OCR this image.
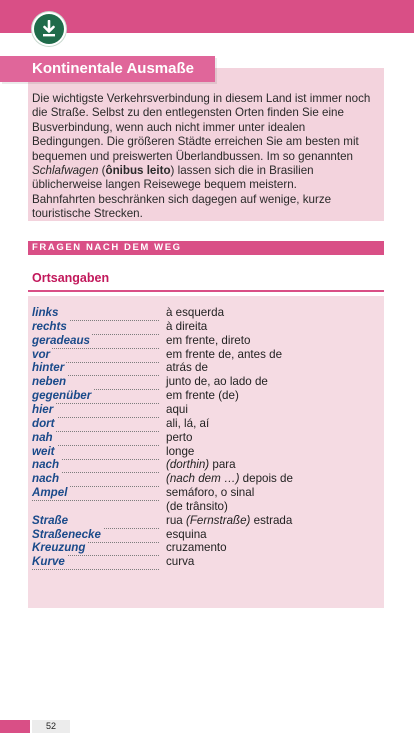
Kontinentale Ausmaße
Die wichtigste Verkehrsverbindung in diesem Land ist immer noch die Straße. Selbst zu den entlegensten Orten finden Sie eine Busverbindung, wenn auch nicht immer unter idealen Bedingungen. Die größeren Städte erreichen Sie am besten mit bequemen und preiswerten Überlandbussen. Im so genannten Schlafwagen (ônibus leito) lassen sich die in Brasilien üblicherweise langen Reisewege bequem meistern.
Bahnfahrten beschränken sich dagegen auf wenige, kurze touristische Strecken.
FRAGEN NACH DEM WEG
Ortsangaben
links	à esquerda
rechts	à direita
geradeaus	em frente, direto
vor	em frente de, antes de
hinter	atrás de
neben	junto de, ao lado de
gegenüber	em frente (de)
hier	aqui
dort	ali, lá, aí
nah	perto
weit	longe
nach	(dorthin) para
nach	(nach dem …) depois de
Ampel	semáforo, o sinal
(de trânsito)
Straße	rua (Fernstraße) estrada
Straßenecke	esquina
Kreuzung	cruzamento
Kurve	curva
52
